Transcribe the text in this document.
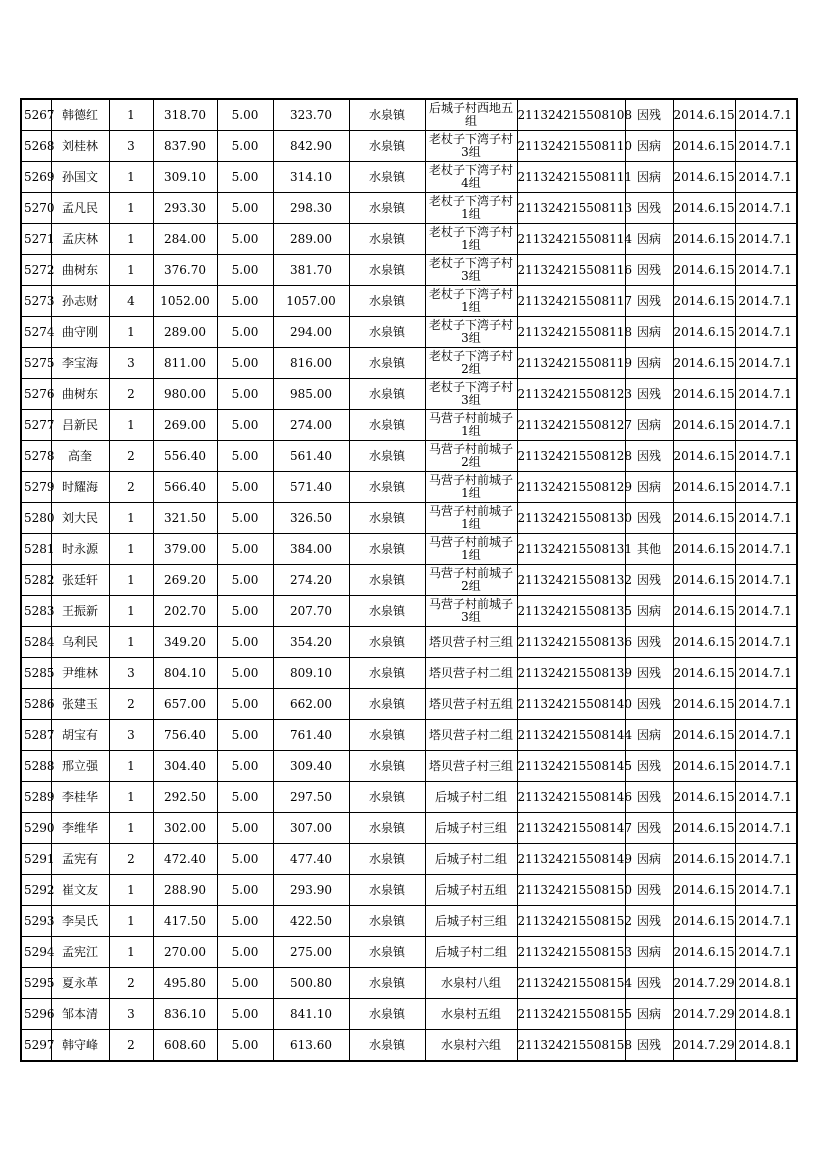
5267	韩德红	1	318.70	5.00	323.70	水泉镇	后城子村西地五组	211324215508108	因残	2014.6.15	2014.7.1
5268	刘桂林	3	837.90	5.00	842.90	水泉镇	老杖子下湾子村3组	211324215508110	因病	2014.6.15	2014.7.1
5269	孙国文	1	309.10	5.00	314.10	水泉镇	老杖子下湾子村4组	211324215508111	因病	2014.6.15	2014.7.1
5270	孟凡民	1	293.30	5.00	298.30	水泉镇	老杖子下湾子村1组	211324215508113	因残	2014.6.15	2014.7.1
5271	孟庆林	1	284.00	5.00	289.00	水泉镇	老杖子下湾子村1组	211324215508114	因病	2014.6.15	2014.7.1
5272	曲树东	1	376.70	5.00	381.70	水泉镇	老杖子下湾子村3组	211324215508116	因残	2014.6.15	2014.7.1
5273	孙志财	4	1052.00	5.00	1057.00	水泉镇	老杖子下湾子村1组	211324215508117	因残	2014.6.15	2014.7.1
5274	曲守刚	1	289.00	5.00	294.00	水泉镇	老杖子下湾子村3组	211324215508118	因病	2014.6.15	2014.7.1
5275	李宝海	3	811.00	5.00	816.00	水泉镇	老杖子下湾子村2组	211324215508119	因病	2014.6.15	2014.7.1
5276	曲树东	2	980.00	5.00	985.00	水泉镇	老杖子下湾子村3组	211324215508123	因残	2014.6.15	2014.7.1
5277	吕新民	1	269.00	5.00	274.00	水泉镇	马营子村前城子1组	211324215508127	因病	2014.6.15	2014.7.1
5278	高奎	2	556.40	5.00	561.40	水泉镇	马营子村前城子2组	211324215508128	因残	2014.6.15	2014.7.1
5279	时耀海	2	566.40	5.00	571.40	水泉镇	马营子村前城子1组	211324215508129	因病	2014.6.15	2014.7.1
5280	刘大民	1	321.50	5.00	326.50	水泉镇	马营子村前城子1组	211324215508130	因残	2014.6.15	2014.7.1
5281	时永源	1	379.00	5.00	384.00	水泉镇	马营子村前城子1组	211324215508131	其他	2014.6.15	2014.7.1
5282	张廷轩	1	269.20	5.00	274.20	水泉镇	马营子村前城子2组	211324215508132	因残	2014.6.15	2014.7.1
5283	王振新	1	202.70	5.00	207.70	水泉镇	马营子村前城子3组	211324215508135	因病	2014.6.15	2014.7.1
5284	乌利民	1	349.20	5.00	354.20	水泉镇	塔贝营子村三组	211324215508136	因残	2014.6.15	2014.7.1
5285	尹维林	3	804.10	5.00	809.10	水泉镇	塔贝营子村二组	211324215508139	因残	2014.6.15	2014.7.1
5286	张建玉	2	657.00	5.00	662.00	水泉镇	塔贝营子村五组	211324215508140	因残	2014.6.15	2014.7.1
5287	胡宝有	3	756.40	5.00	761.40	水泉镇	塔贝营子村二组	211324215508144	因病	2014.6.15	2014.7.1
5288	邢立强	1	304.40	5.00	309.40	水泉镇	塔贝营子村三组	211324215508145	因残	2014.6.15	2014.7.1
5289	李桂华	1	292.50	5.00	297.50	水泉镇	后城子村二组	211324215508146	因残	2014.6.15	2014.7.1
5290	李维华	1	302.00	5.00	307.00	水泉镇	后城子村三组	211324215508147	因残	2014.6.15	2014.7.1
5291	孟宪有	2	472.40	5.00	477.40	水泉镇	后城子村二组	211324215508149	因病	2014.6.15	2014.7.1
5292	崔文友	1	288.90	5.00	293.90	水泉镇	后城子村五组	211324215508150	因残	2014.6.15	2014.7.1
5293	李吴氏	1	417.50	5.00	422.50	水泉镇	后城子村三组	211324215508152	因残	2014.6.15	2014.7.1
5294	孟宪江	1	270.00	5.00	275.00	水泉镇	后城子村二组	211324215508153	因病	2014.6.15	2014.7.1
5295	夏永革	2	495.80	5.00	500.80	水泉镇	水泉村八组	211324215508154	因残	2014.7.29	2014.8.1
5296	邹本清	3	836.10	5.00	841.10	水泉镇	水泉村五组	211324215508155	因病	2014.7.29	2014.8.1
5297	韩守峰	2	608.60	5.00	613.60	水泉镇	水泉村六组	211324215508158	因残	2014.7.29	2014.8.1
